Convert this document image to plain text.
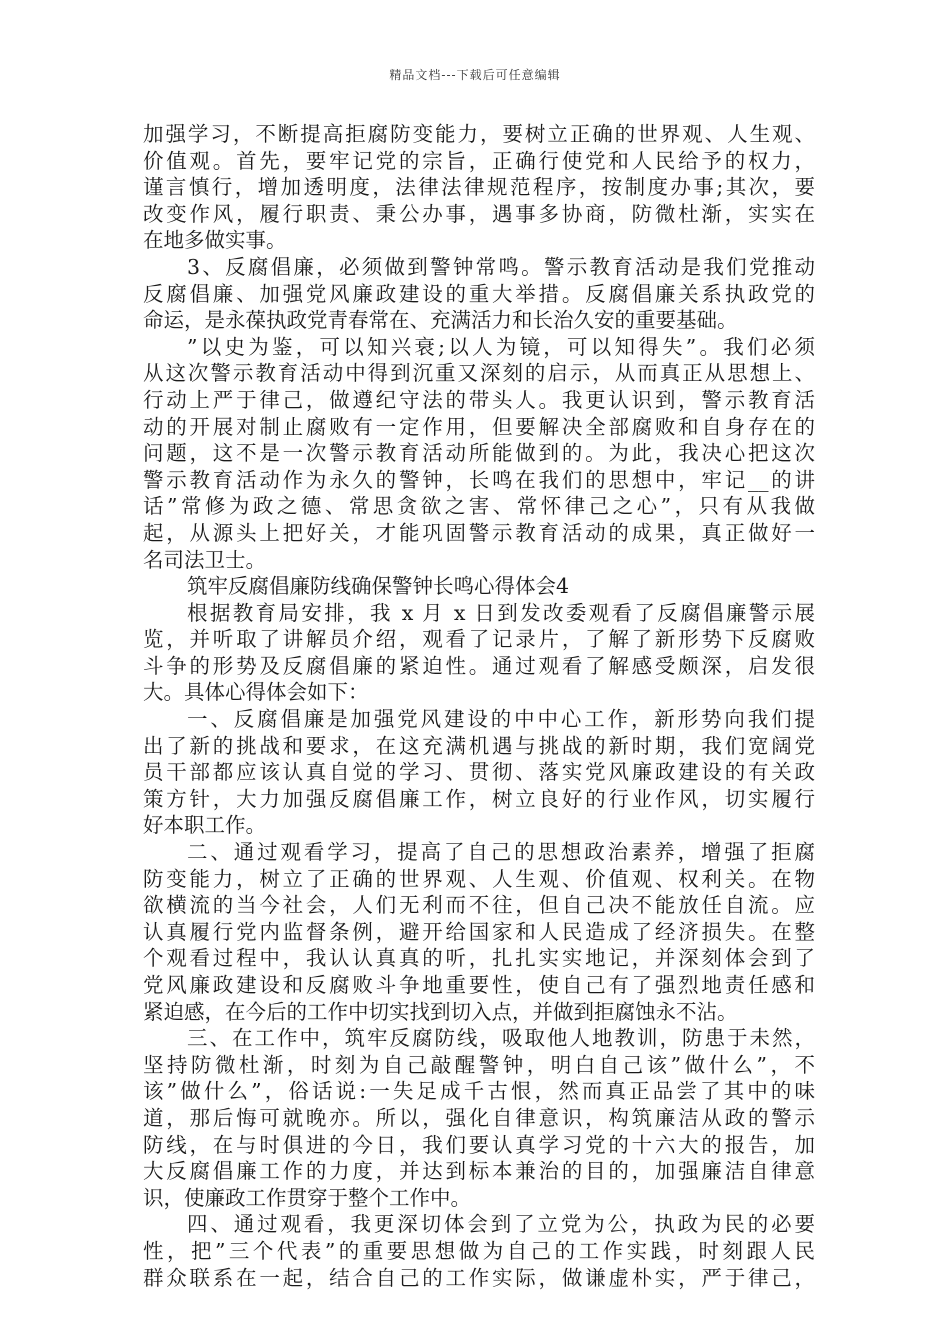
精品文档---下载后可任意编辑
加强学习，不断提高拒腐防变能力，要树立正确的世界观、人生观、
价值观。首先，要牢记党的宗旨，正确行使党和人民给予的权力，
谨言慎行，增加透明度，法律法律规范程序，按制度办事;其次，要
改变作风，履行职责、秉公办事，遇事多协商，防微杜渐，实实在
在地多做实事。
3、反腐倡廉，必须做到警钟常鸣。警示教育活动是我们党推动
反腐倡廉、加强党风廉政建设的重大举措。反腐倡廉关系执政党的
命运，是永葆执政党青春常在、充满活力和长治久安的重要基础。
”以史为鉴，可以知兴衰;以人为镜，可以知得失”。我们必须
从这次警示教育活动中得到沉重又深刻的启示，从而真正从思想上、
行动上严于律己，做遵纪守法的带头人。我更认识到，警示教育活
动的开展对制止腐败有一定作用，但要解决全部腐败和自身存在的
问题，这不是一次警示教育活动所能做到的。为此，我决心把这次
警示教育活动作为永久的警钟，长鸣在我们的思想中，牢记__的讲
话”常修为政之德、常思贪欲之害、常怀律己之心”，只有从我做
起，从源头上把好关，才能巩固警示教育活动的成果，真正做好一
名司法卫士。
筑牢反腐倡廉防线确保警钟长鸣心得体会4
根据教育局安排，我 x 月 x 日到发改委观看了反腐倡廉警示展
览，并听取了讲解员介绍，观看了记录片，了解了新形势下反腐败
斗争的形势及反腐倡廉的紧迫性。通过观看了解感受颇深，启发很
大。具体心得体会如下：
一、反腐倡廉是加强党风建设的中中心工作，新形势向我们提
出了新的挑战和要求，在这充满机遇与挑战的新时期，我们宽阔党
员干部都应该认真自觉的学习、贯彻、落实党风廉政建设的有关政
策方针，大力加强反腐倡廉工作，树立良好的行业作风，切实履行
好本职工作。
二、通过观看学习，提高了自己的思想政治素养，增强了拒腐
防变能力，树立了正确的世界观、人生观、价值观、权利关。在物
欲横流的当今社会，人们无利而不往，但自己决不能放任自流。应
认真履行党内监督条例，避开给国家和人民造成了经济损失。在整
个观看过程中，我认认真真的听，扎扎实实地记，并深刻体会到了
党风廉政建设和反腐败斗争地重要性，使自己有了强烈地责任感和
紧迫感，在今后的工作中切实找到切入点，并做到拒腐蚀永不沾。
三、在工作中，筑牢反腐防线，吸取他人地教训，防患于未然，
坚持防微杜渐，时刻为自己敲醒警钟，明白自己该”做什么”，不
该”做什么”，俗话说:一失足成千古恨，然而真正品尝了其中的味
道，那后悔可就晚亦。所以，强化自律意识，构筑廉洁从政的警示
防线，在与时俱进的今日，我们要认真学习党的十六大的报告，加
大反腐倡廉工作的力度，并达到标本兼治的目的，加强廉洁自律意
识，使廉政工作贯穿于整个工作中。
四、通过观看，我更深切体会到了立党为公，执政为民的必要
性，把”三个代表”的重要思想做为自己的工作实践，时刻跟人民
群众联系在一起，结合自己的工作实际，做谦虚朴实，严于律己，
